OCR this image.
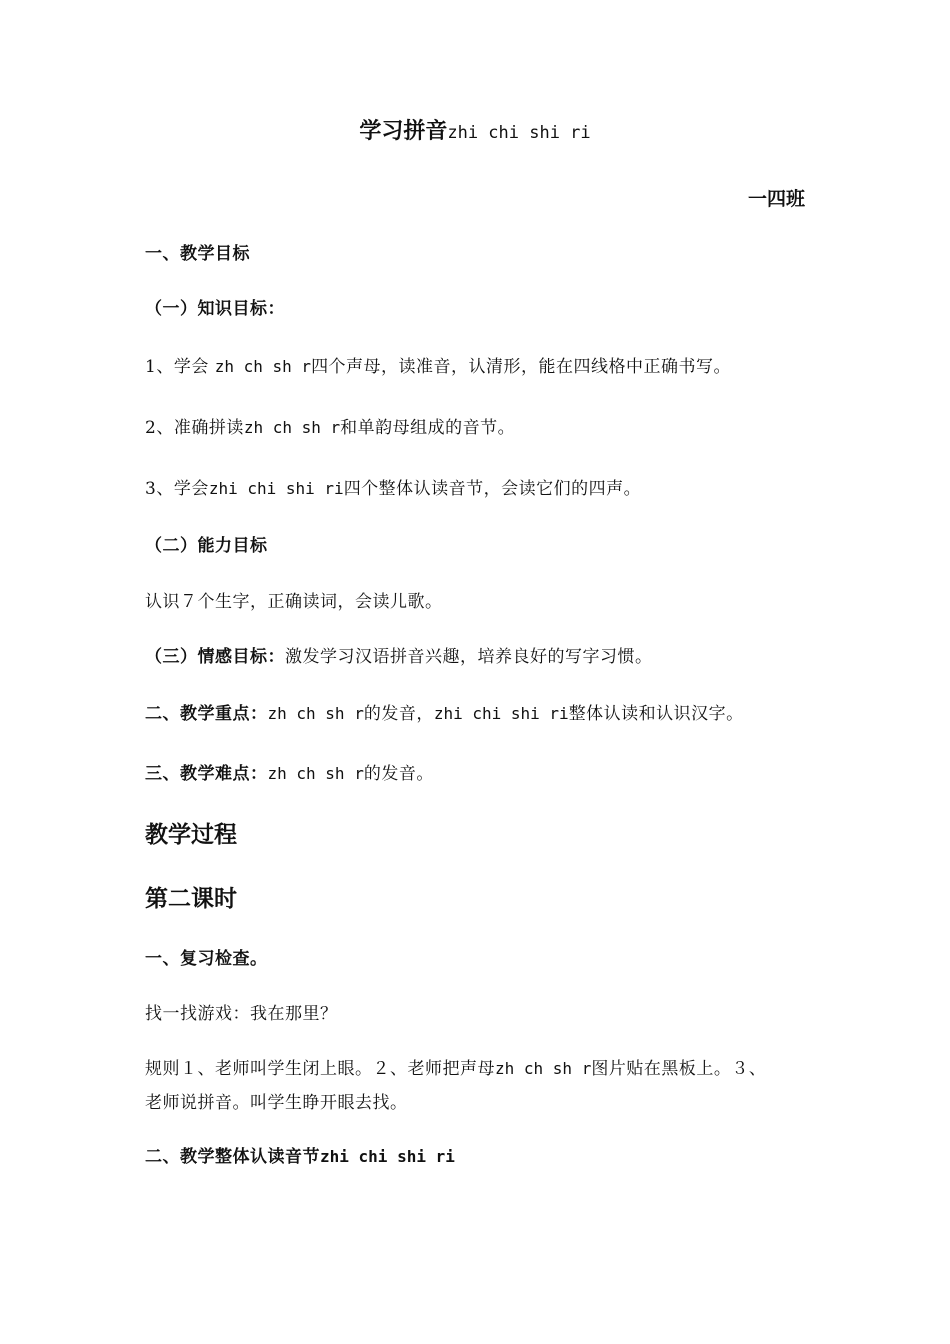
学习拼音zhi chi shi ri
一四班
一、教学目标
（一）知识目标：
1、学会 zh ch sh r四个声母，读准音，认清形，能在四线格中正确书写。
2、准确拼读zh ch sh r和单韵母组成的音节。
3、学会zhi chi shi ri四个整体认读音节，会读它们的四声。
（二）能力目标
认识７个生字，正确读词，会读儿歌。
（三）情感目标：激发学习汉语拼音兴趣，培养良好的写字习惯。
二、教学重点：zh ch sh r的发音，zhi chi shi ri整体认读和认识汉字。
三、教学难点：zh ch sh r的发音。
教学过程
第二课时
一、复习检查。
找一找游戏：我在那里？
规则１、老师叫学生闭上眼。２、老师把声母zh ch sh r图片贴在黑板上。３、
老师说拼音。叫学生睁开眼去找。
二、教学整体认读音节zhi chi shi ri
